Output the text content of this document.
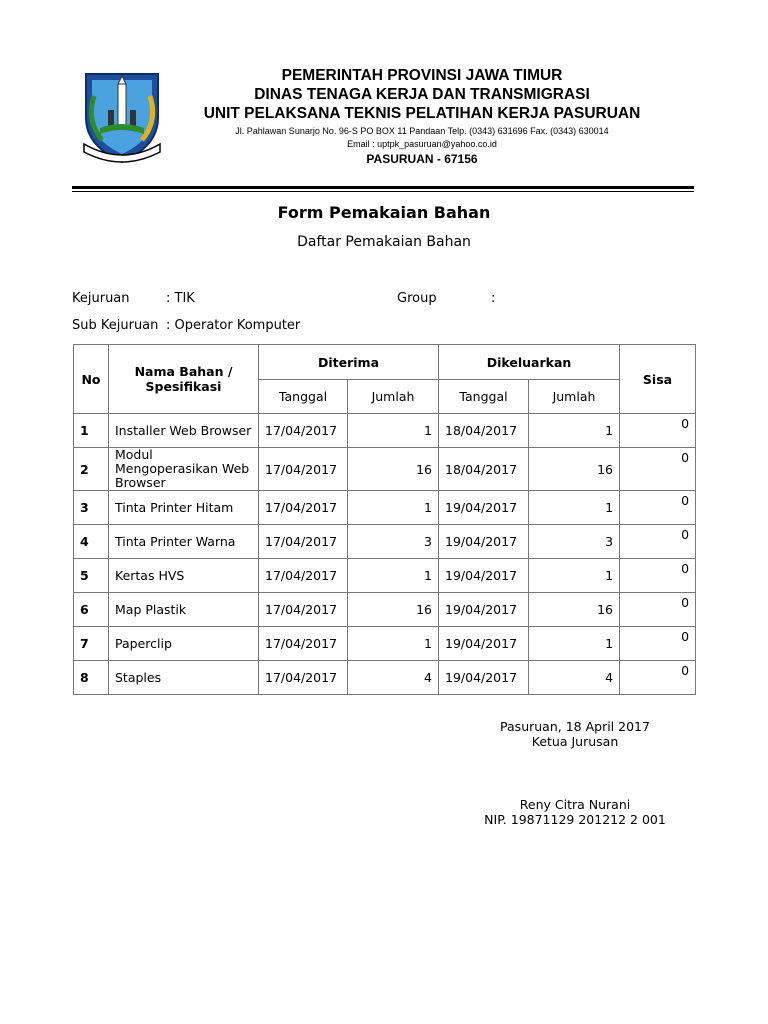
PEMERINTAH PROVINSI JAWA TIMUR
DINAS TENAGA KERJA DAN TRANSMIGRASI
UNIT PELAKSANA TEKNIS PELATIHAN KERJA PASURUAN
Jl. Pahlawan Sunarjo No. 96-S PO BOX 11 Pandaan Telp. (0343) 631696 Fax. (0343) 630014
Email : uptpk_pasuruan@yahoo.co.id
PASURUAN - 67156
Form Pemakaian Bahan
Daftar Pemakaian Bahan
Kejuruan	: TIK	Group	:
Sub Kejuruan : Operator Komputer
No	Nama Bahan / Spesifikasi	Diterima		Dikeluarkan		Sisa
		Tanggal	Jumlah	Tanggal	Jumlah	
1	Installer Web Browser	17/04/2017	1	18/04/2017	1	0
2	Modul Mengoperasikan Web Browser	17/04/2017	16	18/04/2017	16	0
3	Tinta Printer Hitam	17/04/2017	1	19/04/2017	1	0
4	Tinta Printer Warna	17/04/2017	3	19/04/2017	3	0
5	Kertas HVS	17/04/2017	1	19/04/2017	1	0
6	Map Plastik	17/04/2017	16	19/04/2017	16	0
7	Paperclip	17/04/2017	1	19/04/2017	1	0
8	Staples	17/04/2017	4	19/04/2017	4	0
Pasuruan, 18 April 2017
Ketua Jurusan
Reny Citra Nurani
NIP. 19871129 201212 2 001
